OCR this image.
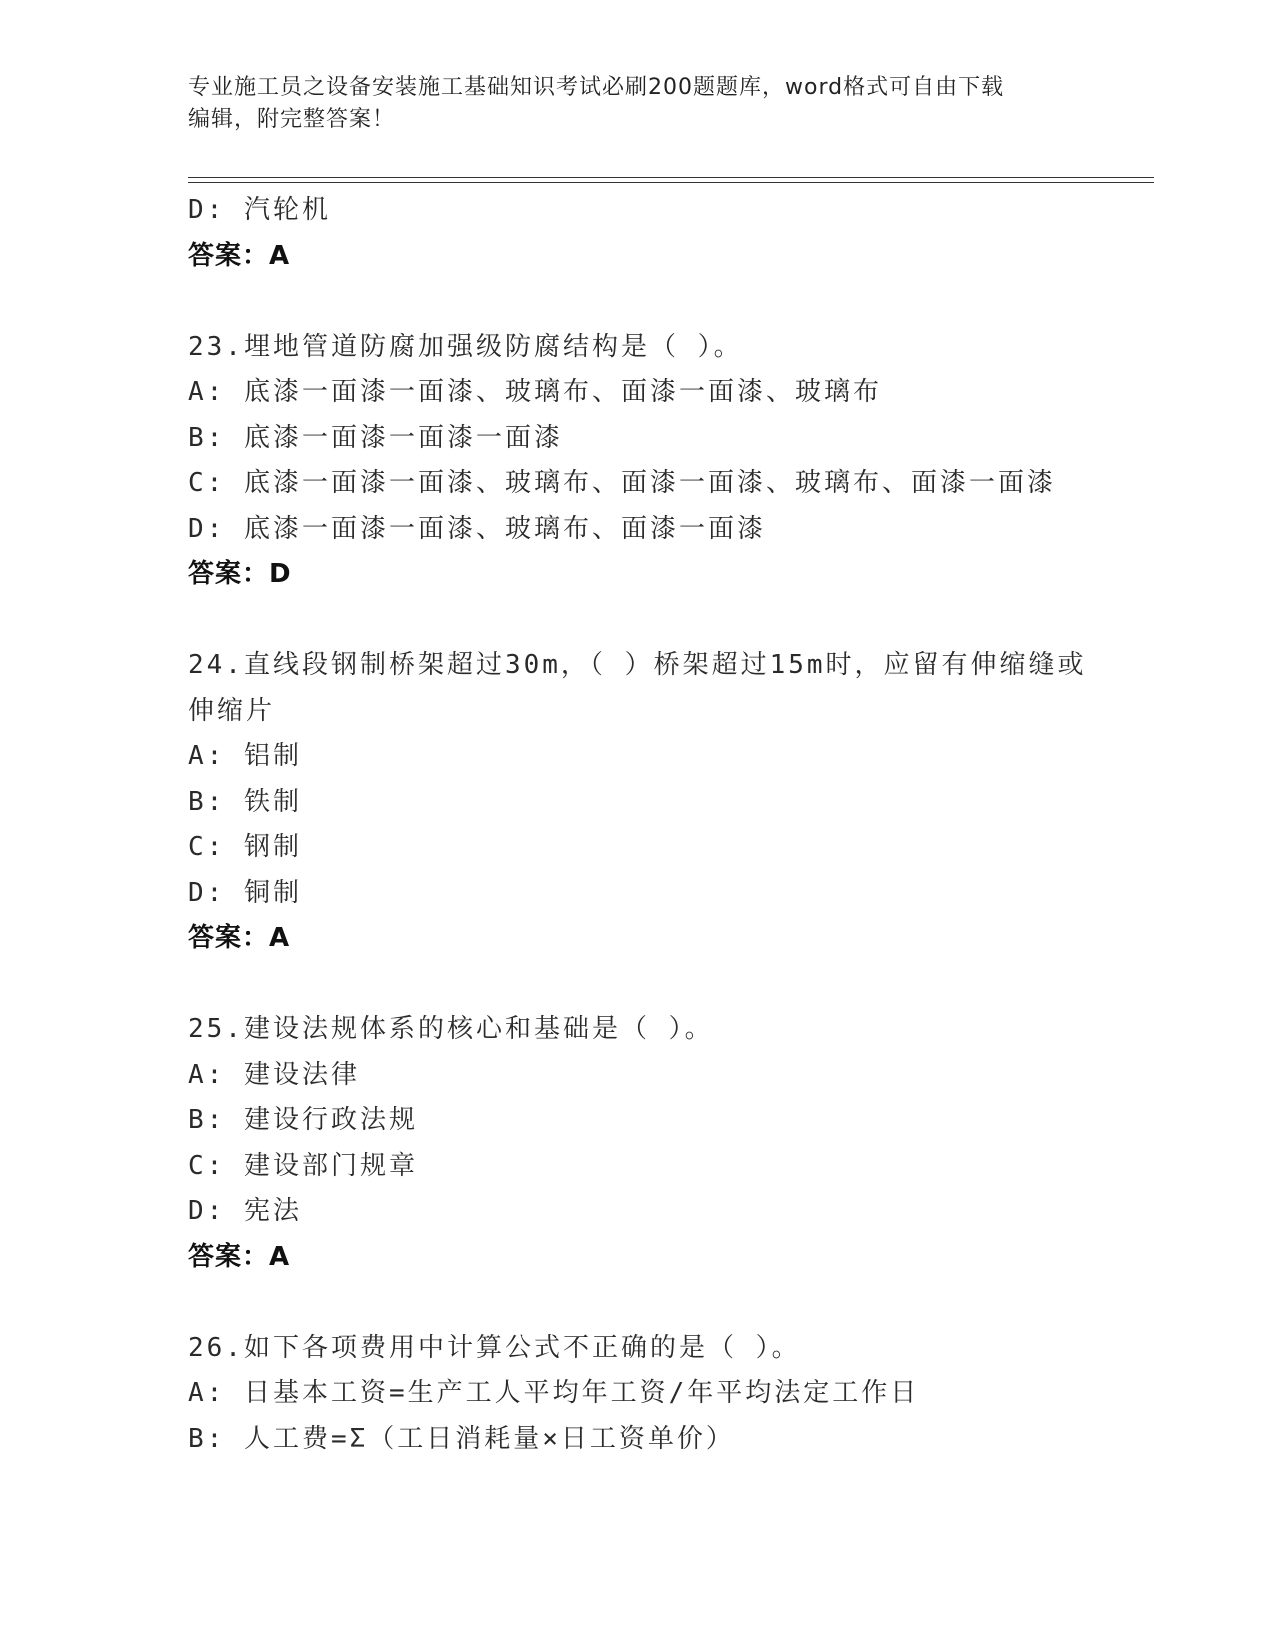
专业施工员之设备安装施工基础知识考试必刷200题题库，word格式可自由下载
编辑，附完整答案！
D: 汽轮机
答案：A
23.埋地管道防腐加强级防腐结构是（ ）。
A: 底漆一面漆一面漆、玻璃布、面漆一面漆、玻璃布
B: 底漆一面漆一面漆一面漆
C: 底漆一面漆一面漆、玻璃布、面漆一面漆、玻璃布、面漆一面漆
D: 底漆一面漆一面漆、玻璃布、面漆一面漆
答案：D
24.直线段钢制桥架超过30m，（ ）桥架超过15m时，应留有伸缩缝或
伸缩片
A: 铝制
B: 铁制
C: 钢制
D: 铜制
答案：A
25.建设法规体系的核心和基础是（ ）。
A: 建设法律
B: 建设行政法规
C: 建设部门规章
D: 宪法
答案：A
26.如下各项费用中计算公式不正确的是（ ）。
A: 日基本工资=生产工人平均年工资/年平均法定工作日
B: 人工费=Σ（工日消耗量×日工资单价）
